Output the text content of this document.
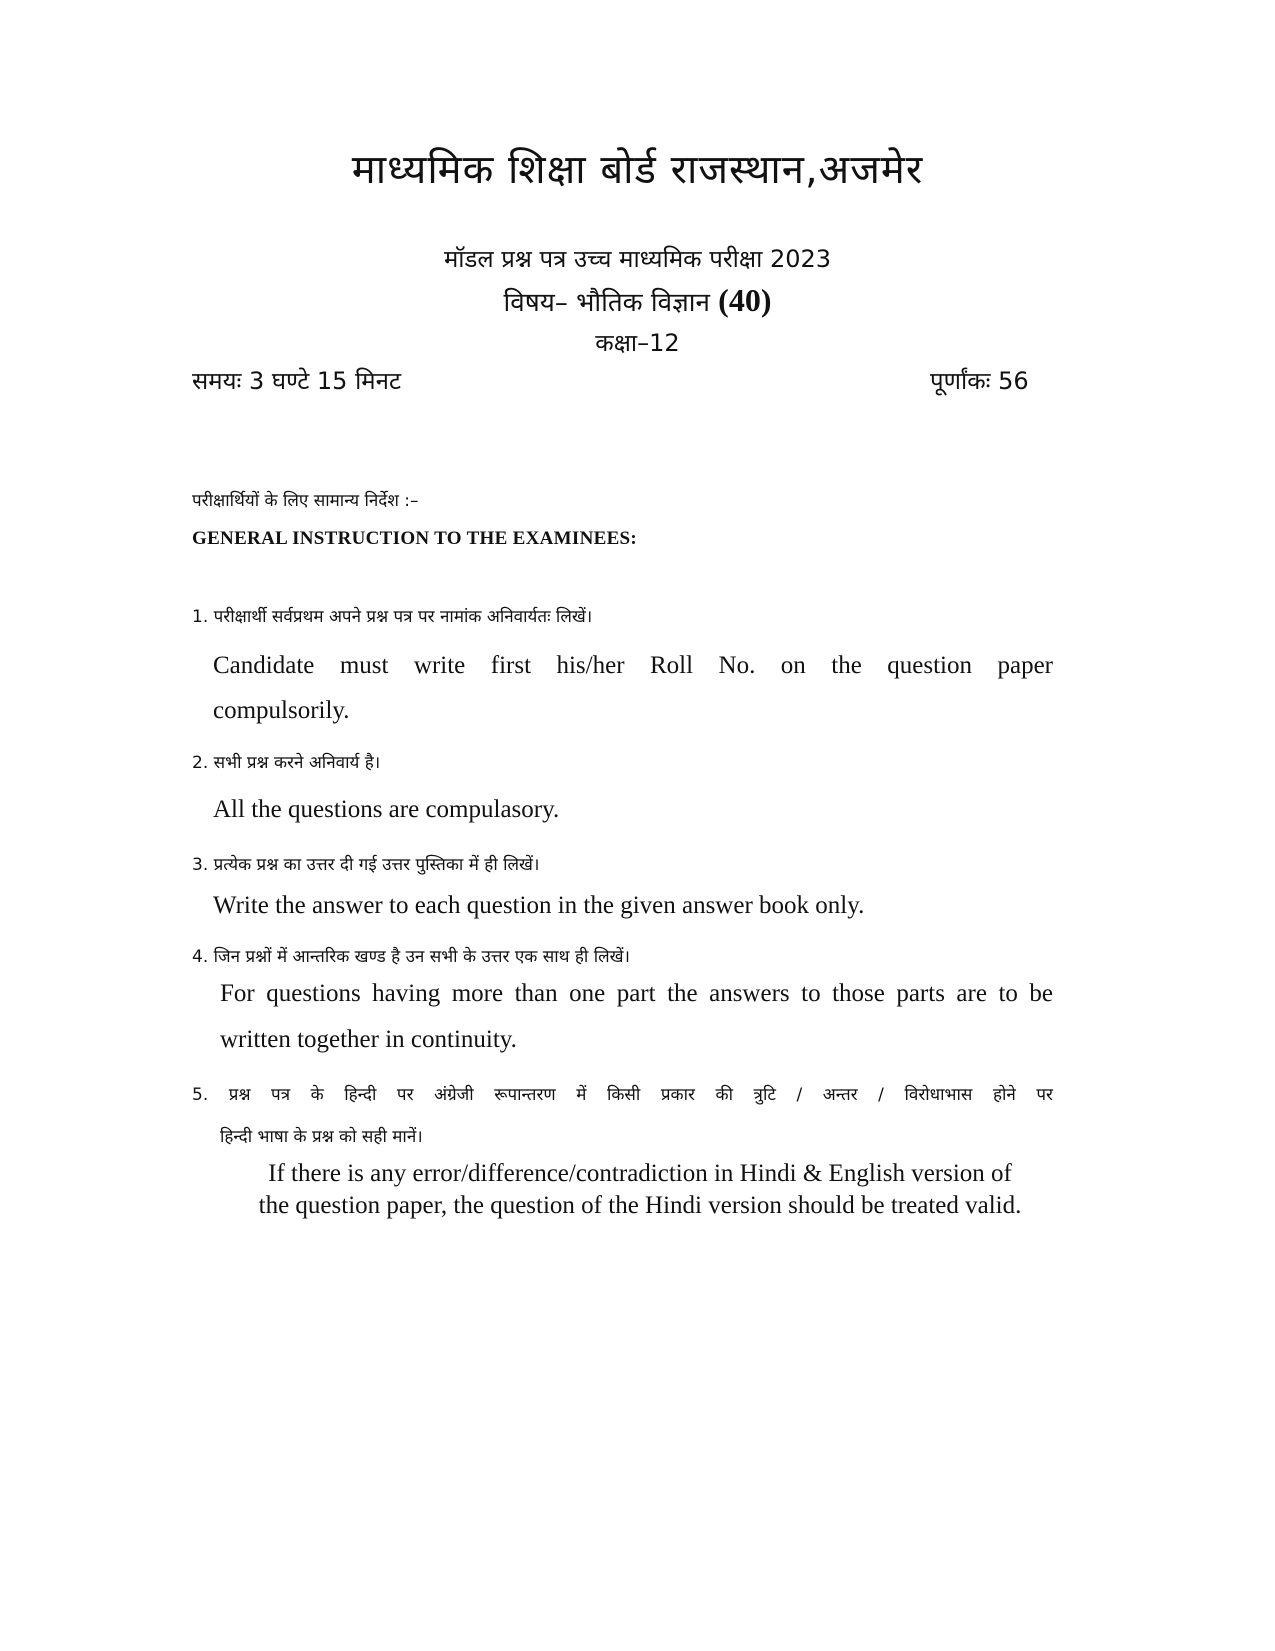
माध्यमिक शिक्षा बोर्ड राजस्थान,अजमेर
मॉडल प्रश्न पत्र उच्च माध्यमिक परीक्षा 2023
विषय– भौतिक विज्ञान (40)
कक्षा–12
समयः 3 घण्टे 15 मिनट	पूर्णांकः 56
परीक्षार्थियों के लिए सामान्य निर्देश :–
GENERAL INSTRUCTION TO THE EXAMINEES:
1. परीक्षार्थी सर्वप्रथम अपने प्रश्न पत्र पर नामांक अनिवार्यतः लिखें।
Candidate must write first his/her Roll No. on the question paper
compulsorily.
2. सभी प्रश्न करने अनिवार्य है।
All the questions are compulasory.
3. प्रत्येक प्रश्न का उत्तर दी गई उत्तर पुस्तिका में ही लिखें।
Write the answer to each question in the given answer book only.
4. जिन प्रश्नों में आन्तरिक खण्ड है उन सभी के उत्तर एक साथ ही लिखें।
For questions having more than one part the answers to those parts are to be
written together in continuity.
5. प्रश्न पत्र के हिन्दी पर अंग्रेजी रूपान्तरण में किसी प्रकार की त्रुटि / अन्तर / विरोधाभास होने पर
हिन्दी भाषा के प्रश्न को सही मानें।
If there is any error/difference/contradiction in Hindi & English version of
the question paper, the question of the Hindi version should be treated valid.
